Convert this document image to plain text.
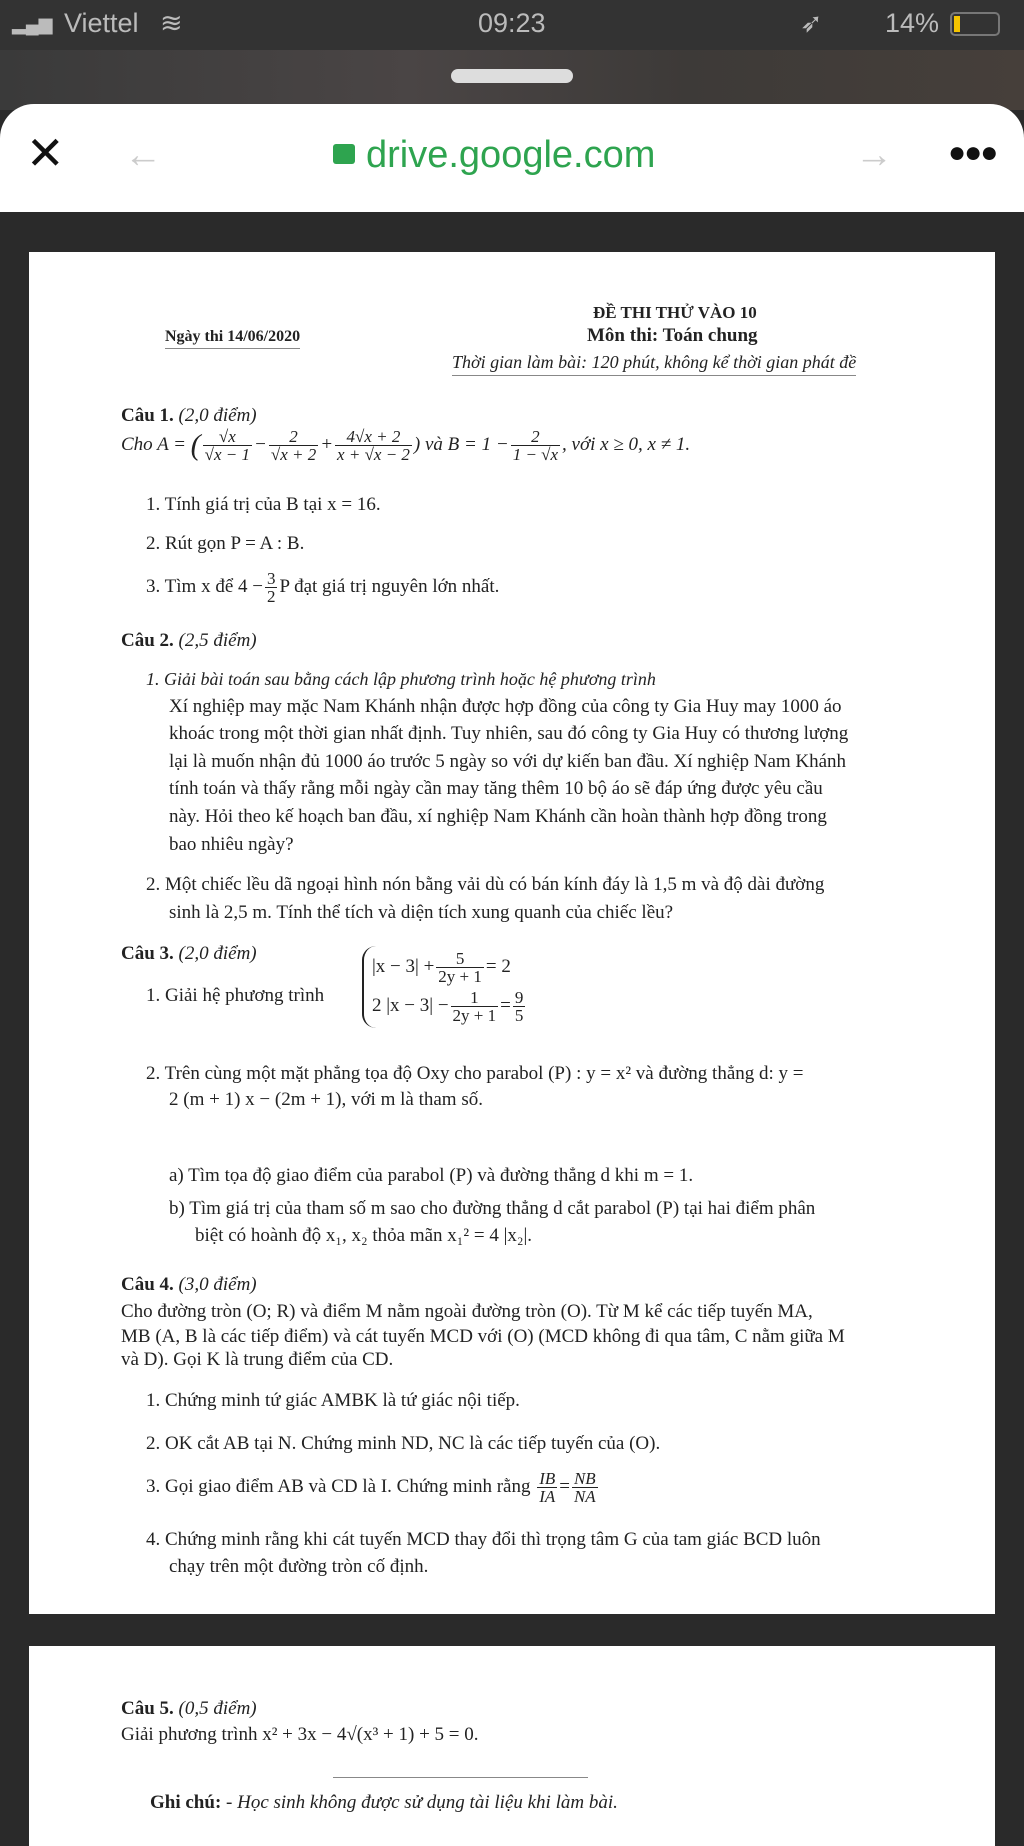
▂▄▆ Viettel ≋	09:23	➶ 14%
✕ ←	drive.google.com	→ ●●●
ĐỀ THI THỬ VÀO 10
Môn thi: Toán chung
Ngày thi 14/06/2020
Thời gian làm bài: 120 phút, không kể thời gian phát đề
Câu 1. (2,0 điểm)
Cho A = ( $\frac{√x}{√x - 1} - \frac{2}{√x + 2} + \frac{4√x + 2}{x + √x - 2}$ ) và $B = 1 - \frac{2}{1 - √x}$ , với x ≥ 0, x ≠ 1.
1. Tính giá trị của B tại x = 16.
2. Rút gọn P = A : B.
3. Tìm x để $4 - \frac{3}{2}$ P đạt giá trị nguyên lớn nhất.
Câu 2. (2,5 điểm)
1. Giải bài toán sau bằng cách lập phương trình hoặc hệ phương trình
Xí nghiệp may mặc Nam Khánh nhận được hợp đồng của công ty Gia Huy may 1000 áo
khoác trong một thời gian nhất định. Tuy nhiên, sau đó công ty Gia Huy có thương lượng
lại là muốn nhận đủ 1000 áo trước 5 ngày so với dự kiến ban đầu. Xí nghiệp Nam Khánh
tính toán và thấy rằng mỗi ngày cần may tăng thêm 10 bộ áo sẽ đáp ứng được yêu cầu
này. Hỏi theo kế hoạch ban đầu, xí nghiệp Nam Khánh cần hoàn thành hợp đồng trong
bao nhiêu ngày?
2. Một chiếc lều dã ngoại hình nón bằng vải dù có bán kính đáy là 1,5 m và độ dài đường
sinh là 2,5 m. Tính thể tích và diện tích xung quanh của chiếc lều?
Câu 3. (2,0 điểm)
1. Giải hệ phương trình
$|x - 3| + \frac{5}{2y + 1} = 2$
2 $|x - 3| - \frac{1}{2y + 1} = \frac{9}{5}$
2. Trên cùng một mặt phẳng tọa độ Oxy cho parabol (P) : y = x² và đường thẳng d: y =
2 (m + 1) x − (2m + 1), với m là tham số.
a) Tìm tọa độ giao điểm của parabol (P) và đường thẳng d khi m = 1.
b) Tìm giá trị của tham số m sao cho đường thẳng d cắt parabol (P) tại hai điểm phân
biệt có hoành độ x₁, x₂ thỏa mãn x₁² = 4 |x₂|.
Câu 4. (3,0 điểm)
Cho đường tròn (O; R) và điểm M nằm ngoài đường tròn (O). Từ M kể các tiếp tuyến MA,
MB (A, B là các tiếp điểm) và cát tuyến MCD với (O) (MCD không đi qua tâm, C nằm giữa M
và D). Gọi K là trung điểm của CD.
1. Chứng minh tứ giác AMBK là tứ giác nội tiếp.
2. OK cắt AB tại N. Chứng minh ND, NC là các tiếp tuyến của (O).
3. Gọi giao điểm AB và CD là I. Chứng minh rằng $\frac{IB}{IA} = \frac{NB}{NA}$
4. Chứng minh rằng khi cát tuyến MCD thay đổi thì trọng tâm G của tam giác BCD luôn
chạy trên một đường tròn cố định.
Câu 5. (0,5 điểm)
Giải phương trình x² + 3x − 4√(x³ + 1) + 5 = 0.
Ghi chú: - Học sinh không được sử dụng tài liệu khi làm bài.
